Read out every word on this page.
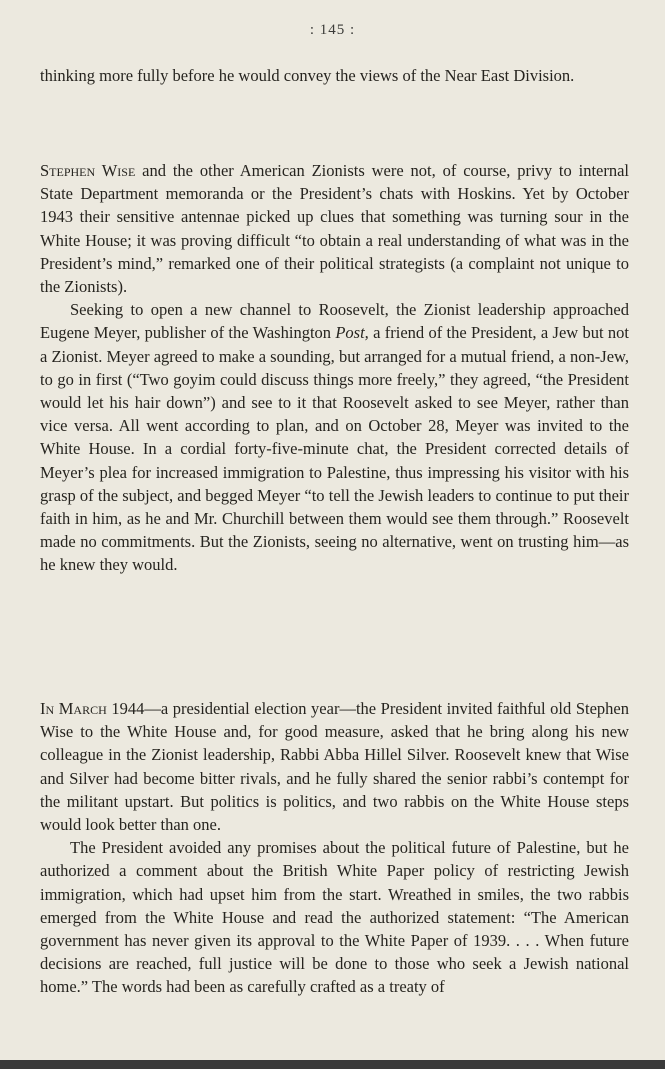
: 145 :

thinking more fully before he would convey the views of the Near East Division.

Stephen Wise and the other American Zionists were not, of course, privy to internal State Department memoranda or the President’s chats with Hoskins. Yet by October 1943 their sensitive antennae picked up clues that something was turning sour in the White House; it was proving difficult “to obtain a real understanding of what was in the President’s mind,” remarked one of their political strategists (a complaint not unique to the Zionists).

Seeking to open a new channel to Roosevelt, the Zionist leadership approached Eugene Meyer, publisher of the Washington Post, a friend of the President, a Jew but not a Zionist. Meyer agreed to make a sounding, but arranged for a mutual friend, a non-Jew, to go in first (“Two goyim could discuss things more freely,” they agreed, “the President would let his hair down”) and see to it that Roosevelt asked to see Meyer, rather than vice versa. All went according to plan, and on October 28, Meyer was invited to the White House. In a cordial forty-five-minute chat, the President corrected details of Meyer’s plea for increased immigration to Palestine, thus impressing his visitor with his grasp of the subject, and begged Meyer “to tell the Jewish leaders to continue to put their faith in him, as he and Mr. Churchill between them would see them through.” Roosevelt made no commitments. But the Zionists, seeing no alternative, went on trusting him—as he knew they would.

In March 1944—a presidential election year—the President invited faithful old Stephen Wise to the White House and, for good measure, asked that he bring along his new colleague in the Zionist leadership, Rabbi Abba Hillel Silver. Roosevelt knew that Wise and Silver had become bitter rivals, and he fully shared the senior rabbi’s contempt for the militant upstart. But politics is politics, and two rabbis on the White House steps would look better than one.

The President avoided any promises about the political future of Palestine, but he authorized a comment about the British White Paper policy of restricting Jewish immigration, which had upset him from the start. Wreathed in smiles, the two rabbis emerged from the White House and read the authorized statement: “The American government has never given its approval to the White Paper of 1939. . . . When future decisions are reached, full justice will be done to those who seek a Jewish national home.” The words had been as carefully crafted as a treaty of
